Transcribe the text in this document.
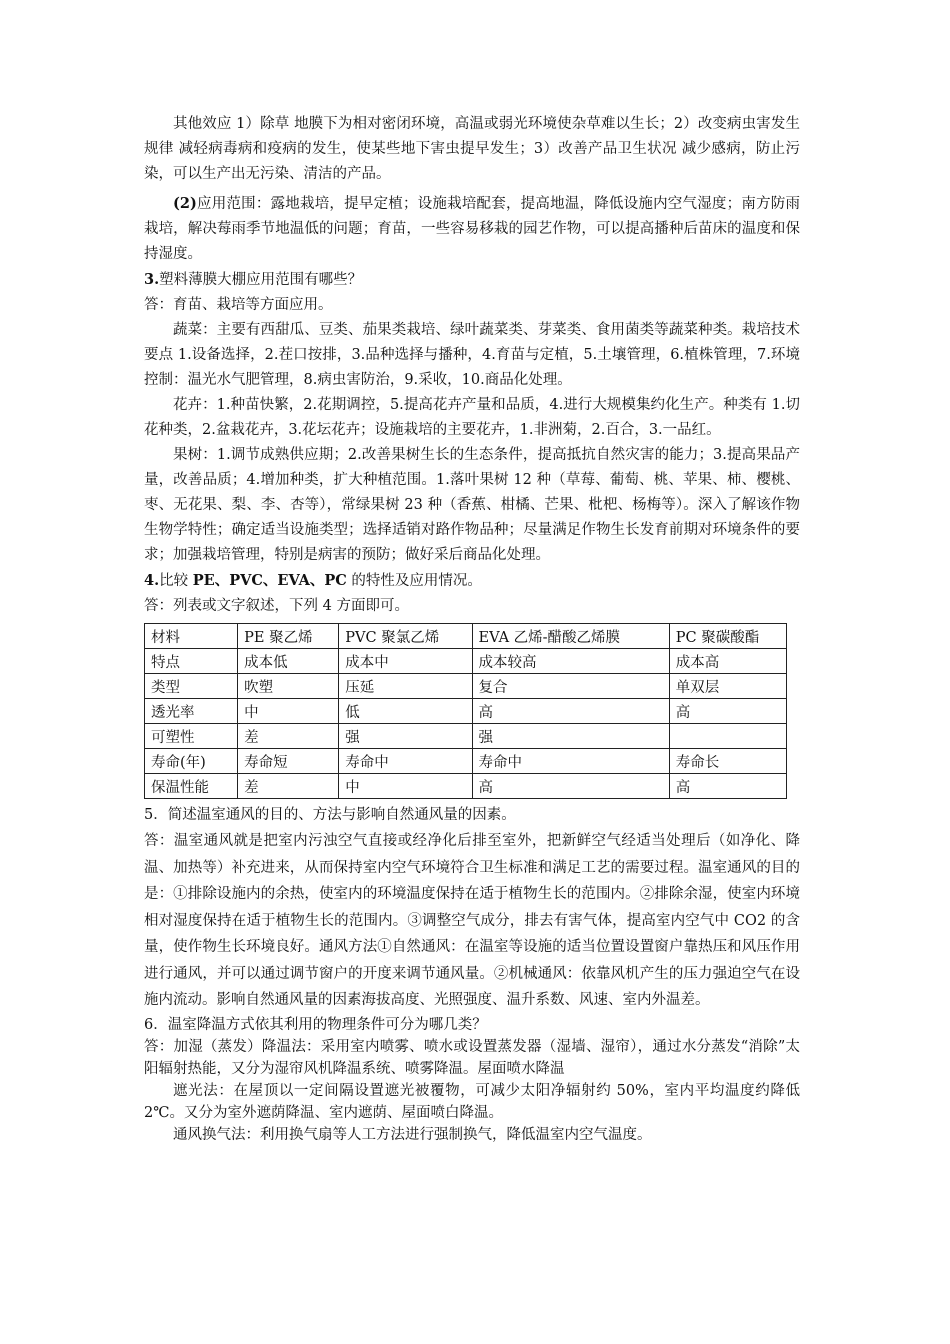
其他效应 1）除草 地膜下为相对密闭环境，高温或弱光环境使杂草难以生长；2）改变病虫害发生规律 减轻病毒病和疫病的发生，使某些地下害虫提早发生；3）改善产品卫生状况 减少感病，防止污染，可以生产出无污染、清洁的产品。

(2)应用范围：露地栽培，提早定植；设施栽培配套，提高地温，降低设施内空气湿度；南方防雨栽培，解决莓雨季节地温低的问题；育苗，一些容易移栽的园艺作物，可以提高播种后苗床的温度和保持湿度。

3.塑料薄膜大棚应用范围有哪些？

答：育苗、栽培等方面应用。

蔬菜：主要有西甜瓜、豆类、茄果类栽培、绿叶蔬菜类、芽菜类、食用菌类等蔬菜种类。栽培技术要点 1.设备选择，2.茬口按排，3.品种选择与播种，4.育苗与定植，5.土壤管理，6.植株管理，7.环境控制：温光水气肥管理，8.病虫害防治，9.采收，10.商品化处理。

花卉：1.种苗快繁，2.花期调控，5.提高花卉产量和品质，4.进行大规模集约化生产。种类有 1.切花种类，2.盆栽花卉，3.花坛花卉；设施栽培的主要花卉，1.非洲菊，2.百合，3.一品红。

果树：1.调节成熟供应期；2.改善果树生长的生态条件，提高抵抗自然灾害的能力；3.提高果品产量，改善品质；4.增加种类，扩大种植范围。1.落叶果树 12 种（草莓、葡萄、桃、苹果、柿、樱桃、枣、无花果、梨、李、杏等），常绿果树 23 种（香蕉、柑橘、芒果、枇杷、杨梅等）。深入了解该作物生物学特性；确定适当设施类型；选择适销对路作物品种；尽量满足作物生长发育前期对环境条件的要求；加强栽培管理，特别是病害的预防；做好采后商品化处理。

4.比较 PE、PVC、EVA、PC 的特性及应用情况。

答：列表或文字叙述，下列 4 方面即可。

材料	PE 聚乙烯	PVC 聚氯乙烯	EVA 乙烯-醋酸乙烯膜	PC 聚碳酸酯
特点	成本低	成本中	成本较高	成本高
类型	吹塑	压延	复合	单双层
透光率	中	低	高	高
可塑性	差	强	强	
寿命(年)	寿命短	寿命中	寿命中	寿命长
保温性能	差	中	高	高

5．简述温室通风的目的、方法与影响自然通风量的因素。

答：温室通风就是把室内污浊空气直接或经净化后排至室外，把新鲜空气经适当处理后（如净化、降温、加热等）补充进来，从而保持室内空气环境符合卫生标准和满足工艺的需要过程。温室通风的目的是：①排除设施内的余热，使室内的环境温度保持在适于植物生长的范围内。②排除余湿，使室内环境相对湿度保持在适于植物生长的范围内。③调整空气成分，排去有害气体，提高室内空气中 CO2 的含量，使作物生长环境良好。通风方法①自然通风：在温室等设施的适当位置设置窗户靠热压和风压作用进行通风，并可以通过调节窗户的开度来调节通风量。②机械通风：依靠风机产生的压力强迫空气在设施内流动。影响自然通风量的因素海拔高度、光照强度、温升系数、风速、室内外温差。

6．温室降温方式依其利用的物理条件可分为哪几类？

答：加湿（蒸发）降温法：采用室内喷雾、喷水或设置蒸发器（湿墙、湿帘），通过水分蒸发“消除”太阳辐射热能，又分为湿帘风机降温系统、喷雾降温。屋面喷水降温

遮光法：在屋顶以一定间隔设置遮光被覆物，可减少太阳净辐射约 50%，室内平均温度约降低 2℃。又分为室外遮荫降温、室内遮荫、屋面喷白降温。

通风换气法：利用换气扇等人工方法进行强制换气，降低温室内空气温度。
